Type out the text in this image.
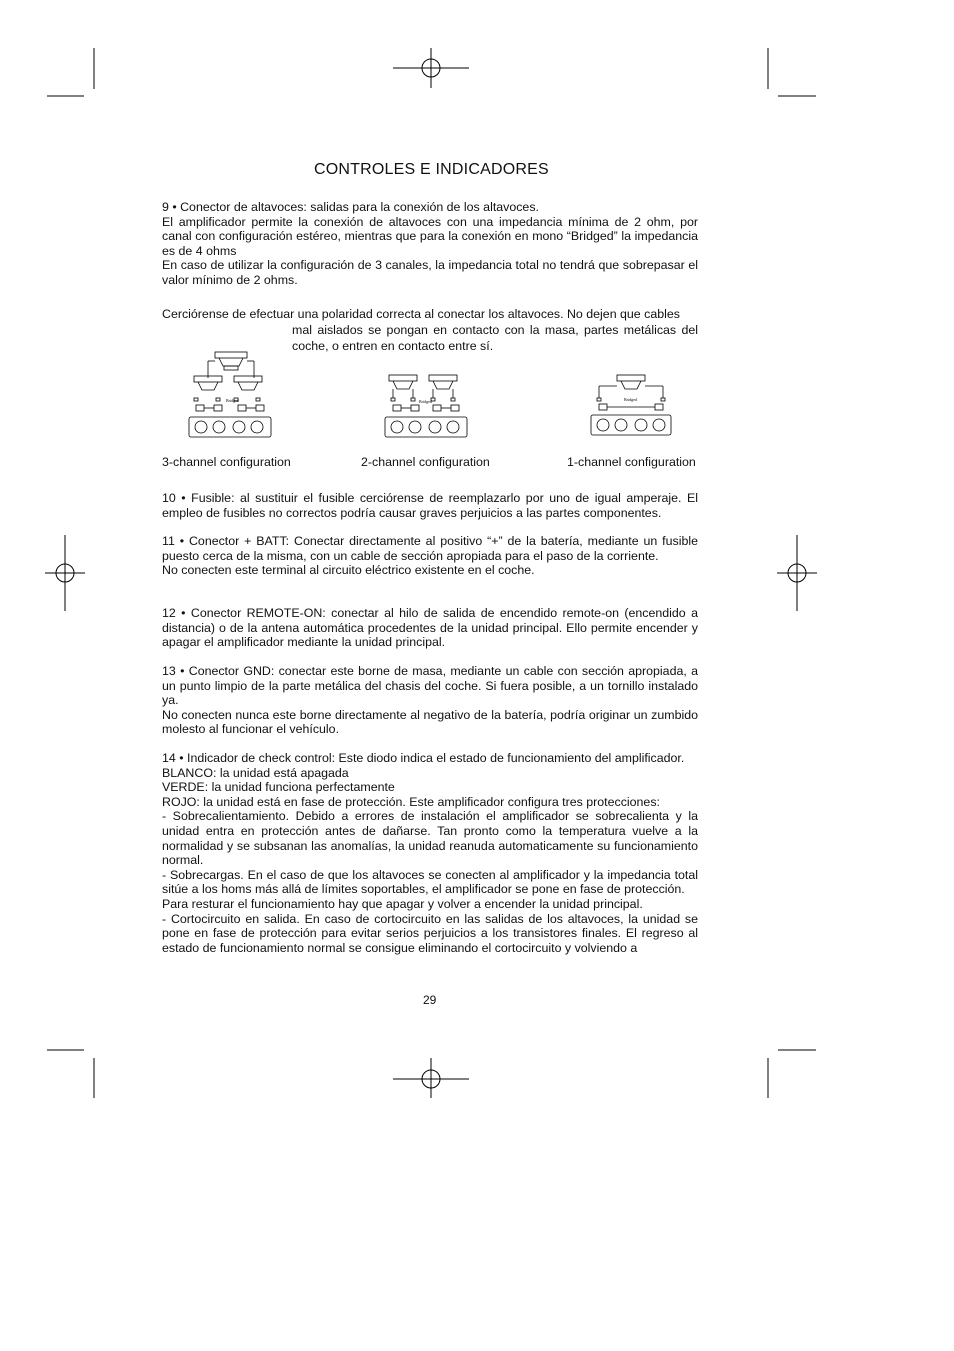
CONTROLES E INDICADORES

9 • Conector de altavoces: salidas para la conexión de los altavoces.
El amplificador permite la conexión de altavoces con una impedancia mínima de 2 ohm, por canal con configuración estéreo, mientras que para la conexión en mono “Bridged” la impedancia es de 4 ohms
En caso de utilizar la configuración de 3 canales, la impedancia total no tendrá que sobrepasar el valor mínimo de 2 ohms.

Cerciórense de efectuar una polaridad correcta al conectar los altavoces. No dejen que cables

mal aislados se pongan en contacto con la masa, partes metálicas del coche, o entren en contacto entre sí.

Bridged	Bridged	Bridged
3-channel configuration	2-channel configuration	1-channel configuration

10 • Fusible: al sustituir el fusible cerciórense de reemplazarlo por uno de igual amperaje. El empleo de fusibles no correctos podría causar graves perjuicios a las partes componentes.

11 • Conector + BATT: Conectar directamente al positivo “+” de la batería, mediante un fusible puesto cerca de la misma, con un cable de sección apropiada para el paso de la corriente.
No conecten este terminal al circuito eléctrico existente en el coche.

12 • Conector REMOTE-ON: conectar al hilo de salida de encendido remote-on (encendido a distancia) o de la antena automática procedentes de la unidad principal. Ello permite encender y apagar el amplificador mediante la unidad principal.

13 • Conector GND: conectar este borne de masa, mediante un cable con sección apropiada, a un punto limpio de la parte metálica del chasis del coche. Si fuera posible, a un tornillo instalado ya.
No conecten nunca este borne directamente al negativo de la batería, podría originar un zumbido molesto al funcionar el vehículo.

14 • Indicador de check control: Este diodo indica el estado de funcionamiento del amplificador.
BLANCO: la unidad está apagada
VERDE: la unidad funciona perfectamente
ROJO: la unidad está en fase de protección. Este amplificador configura tres protecciones:
- Sobrecalientamiento. Debido a errores de instalación el amplificador se sobrecalienta y la unidad entra en protección antes de dañarse. Tan pronto como la temperatura vuelve a la normalidad y se subsanan las anomalías, la unidad reanuda automaticamente su funcionamiento normal.
- Sobrecargas. En el caso de que los altavoces se conecten al amplificador y la impedancia total sitúe a los homs más allá de límites soportables, el amplificador se pone en fase de protección.
Para resturar el funcionamiento hay que apagar y volver a encender la unidad principal.
- Cortocircuito en salida. En caso de cortocircuito en las salidas de los altavoces, la unidad se pone en fase de protección para evitar serios perjuicios a los transistores finales. El regreso al estado de funcionamiento normal se consigue eliminando el cortocircuito y volviendo a

29
